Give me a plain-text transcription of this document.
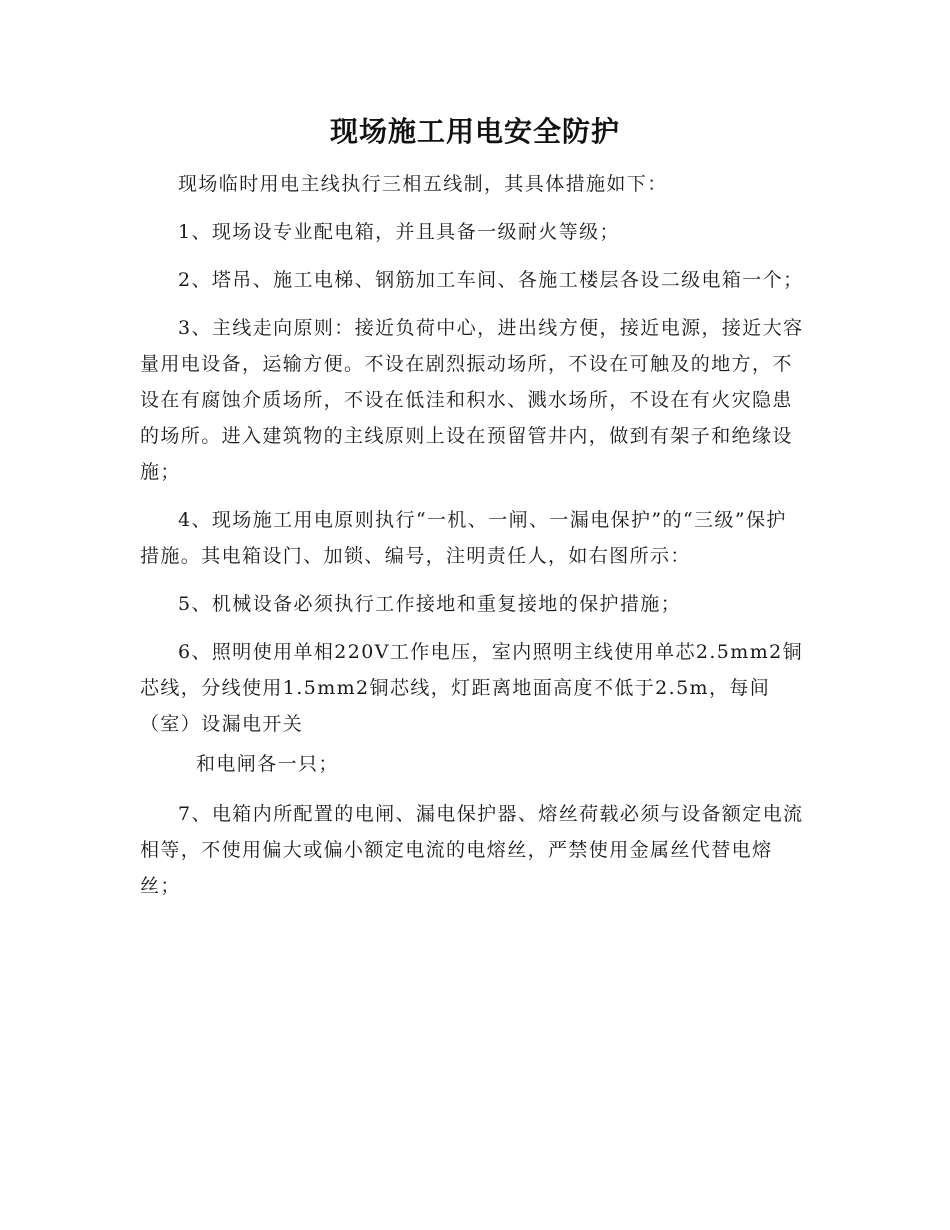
现场施工用电安全防护

现场临时用电主线执行三相五线制，其具体措施如下：

1、现场设专业配电箱，并且具备一级耐火等级；

2、塔吊、施工电梯、钢筋加工车间、各施工楼层各设二级电箱一个；

3、主线走向原则：接近负荷中心，进出线方便，接近电源，接近大容量用电设备，运输方便。不设在剧烈振动场所，不设在可触及的地方，不设在有腐蚀介质场所，不设在低洼和积水、溅水场所，不设在有火灾隐患的场所。进入建筑物的主线原则上设在预留管井内，做到有架子和绝缘设施；

4、现场施工用电原则执行“一机、一闸、一漏电保护”的“三级”保护措施。其电箱设门、加锁、编号，注明责任人，如右图所示：

5、机械设备必须执行工作接地和重复接地的保护措施；

6、照明使用单相220V工作电压，室内照明主线使用单芯2.5mm2铜芯线，分线使用1.5mm2铜芯线，灯距离地面高度不低于2.5m，每间（室）设漏电开关

和电闸各一只；

7、电箱内所配置的电闸、漏电保护器、熔丝荷载必须与设备额定电流相等，不使用偏大或偏小额定电流的电熔丝，严禁使用金属丝代替电熔丝；
